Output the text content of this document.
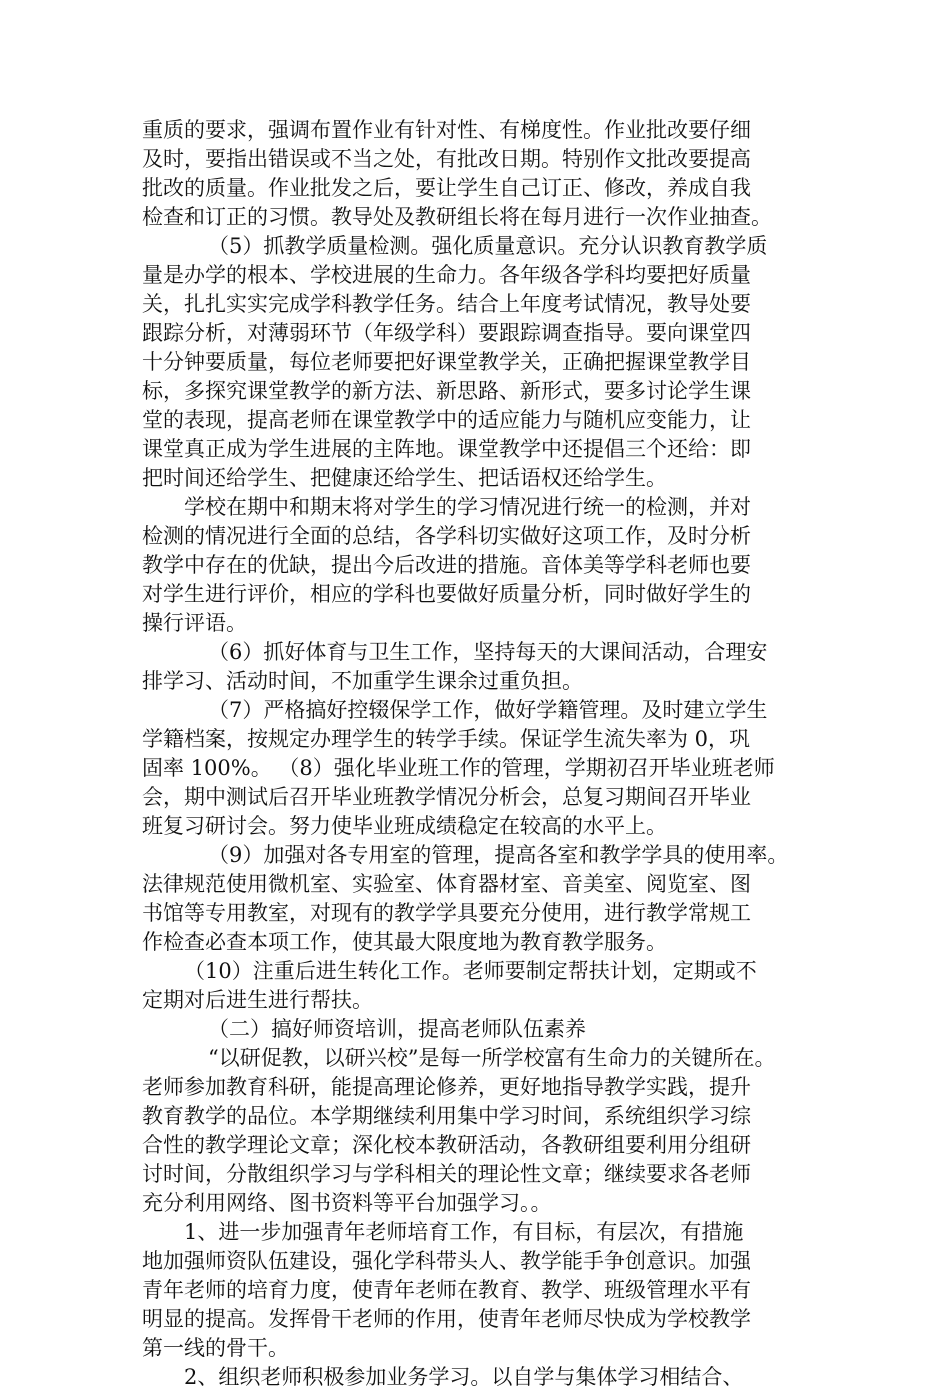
重质的要求，强调布置作业有针对性、有梯度性。作业批改要仔细
及时，要指出错误或不当之处，有批改日期。特别作文批改要提高
批改的质量。作业批发之后，要让学生自己订正、修改，养成自我
检查和订正的习惯。教导处及教研组长将在每月进行一次作业抽查。
（5）抓教学质量检测。强化质量意识。充分认识教育教学质
量是办学的根本、学校进展的生命力。各年级各学科均要把好质量
关，扎扎实实完成学科教学任务。结合上年度考试情况，教导处要
跟踪分析，对薄弱环节（年级学科）要跟踪调查指导。要向课堂四
十分钟要质量，每位老师要把好课堂教学关，正确把握课堂教学目
标，多探究课堂教学的新方法、新思路、新形式，要多讨论学生课
堂的表现，提高老师在课堂教学中的适应能力与随机应变能力，让
课堂真正成为学生进展的主阵地。课堂教学中还提倡三个还给：即
把时间还给学生、把健康还给学生、把话语权还给学生。
学校在期中和期末将对学生的学习情况进行统一的检测，并对
检测的情况进行全面的总结，各学科切实做好这项工作，及时分析
教学中存在的优缺，提出今后改进的措施。音体美等学科老师也要
对学生进行评价，相应的学科也要做好质量分析，同时做好学生的
操行评语。
（6）抓好体育与卫生工作，坚持每天的大课间活动，合理安
排学习、活动时间，不加重学生课余过重负担。
（7）严格搞好控辍保学工作，做好学籍管理。及时建立学生
学籍档案，按规定办理学生的转学手续。保证学生流失率为 0，巩
固率 100%。 （8）强化毕业班工作的管理，学期初召开毕业班老师
会，期中测试后召开毕业班教学情况分析会，总复习期间召开毕业
班复习研讨会。努力使毕业班成绩稳定在较高的水平上。
（9）加强对各专用室的管理，提高各室和教学学具的使用率。
法律规范使用微机室、实验室、体育器材室、音美室、阅览室、图
书馆等专用教室，对现有的教学学具要充分使用，进行教学常规工
作检查必查本项工作，使其最大限度地为教育教学服务。
（10）注重后进生转化工作。老师要制定帮扶计划，定期或不
定期对后进生进行帮扶。
（二）搞好师资培训，提高老师队伍素养
“以研促教，以研兴校”是每一所学校富有生命力的关键所在。
老师参加教育科研，能提高理论修养，更好地指导教学实践，提升
教育教学的品位。本学期继续利用集中学习时间，系统组织学习综
合性的教学理论文章；深化校本教研活动，各教研组要利用分组研
讨时间，分散组织学习与学科相关的理论性文章；继续要求各老师
充分利用网络、图书资料等平台加强学习。。
1、进一步加强青年老师培育工作，有目标，有层次，有措施
地加强师资队伍建设，强化学科带头人、教学能手争创意识。加强
青年老师的培育力度，使青年老师在教育、教学、班级管理水平有
明显的提高。发挥骨干老师的作用，使青年老师尽快成为学校教学
第一线的骨干。
2、组织老师积极参加业务学习。以自学与集体学习相结合、
